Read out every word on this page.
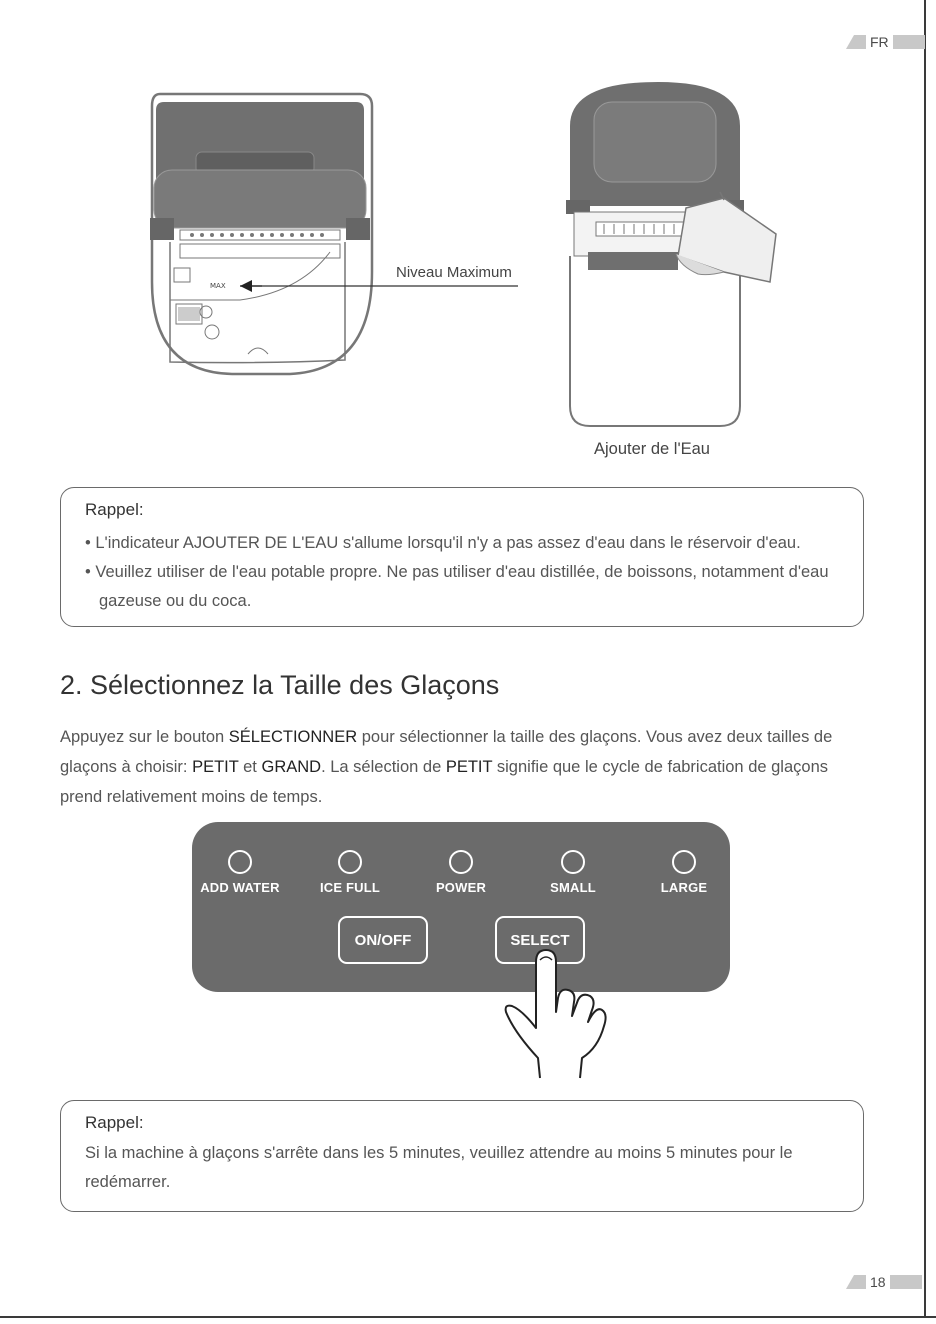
FR
MAX
Niveau Maximum
Ajouter de l'Eau
Rappel:

• L'indicateur AJOUTER DE L'EAU s'allume lorsqu'il n'y a pas assez d'eau dans le réservoir d'eau.

• Veuillez utiliser de l'eau potable propre. Ne pas utiliser d'eau distillée, de boissons, notamment d'eau gazeuse ou du coca.

2. Sélectionnez la Taille des Glaçons

Appuyez sur le bouton SÉLECTIONNER pour sélectionner la taille des glaçons. Vous avez deux tailles de glaçons à choisir: PETIT et GRAND. La sélection de PETIT signifie que le cycle de fabrication de glaçons prend relativement moins de temps.

ADD WATER	ICE FULL	POWER	SMALL	LARGE
ON/OFF	SELECT
Rappel:

Si la machine à glaçons s'arrête dans les 5 minutes, veuillez attendre au moins 5 minutes pour le redémarrer.

18
